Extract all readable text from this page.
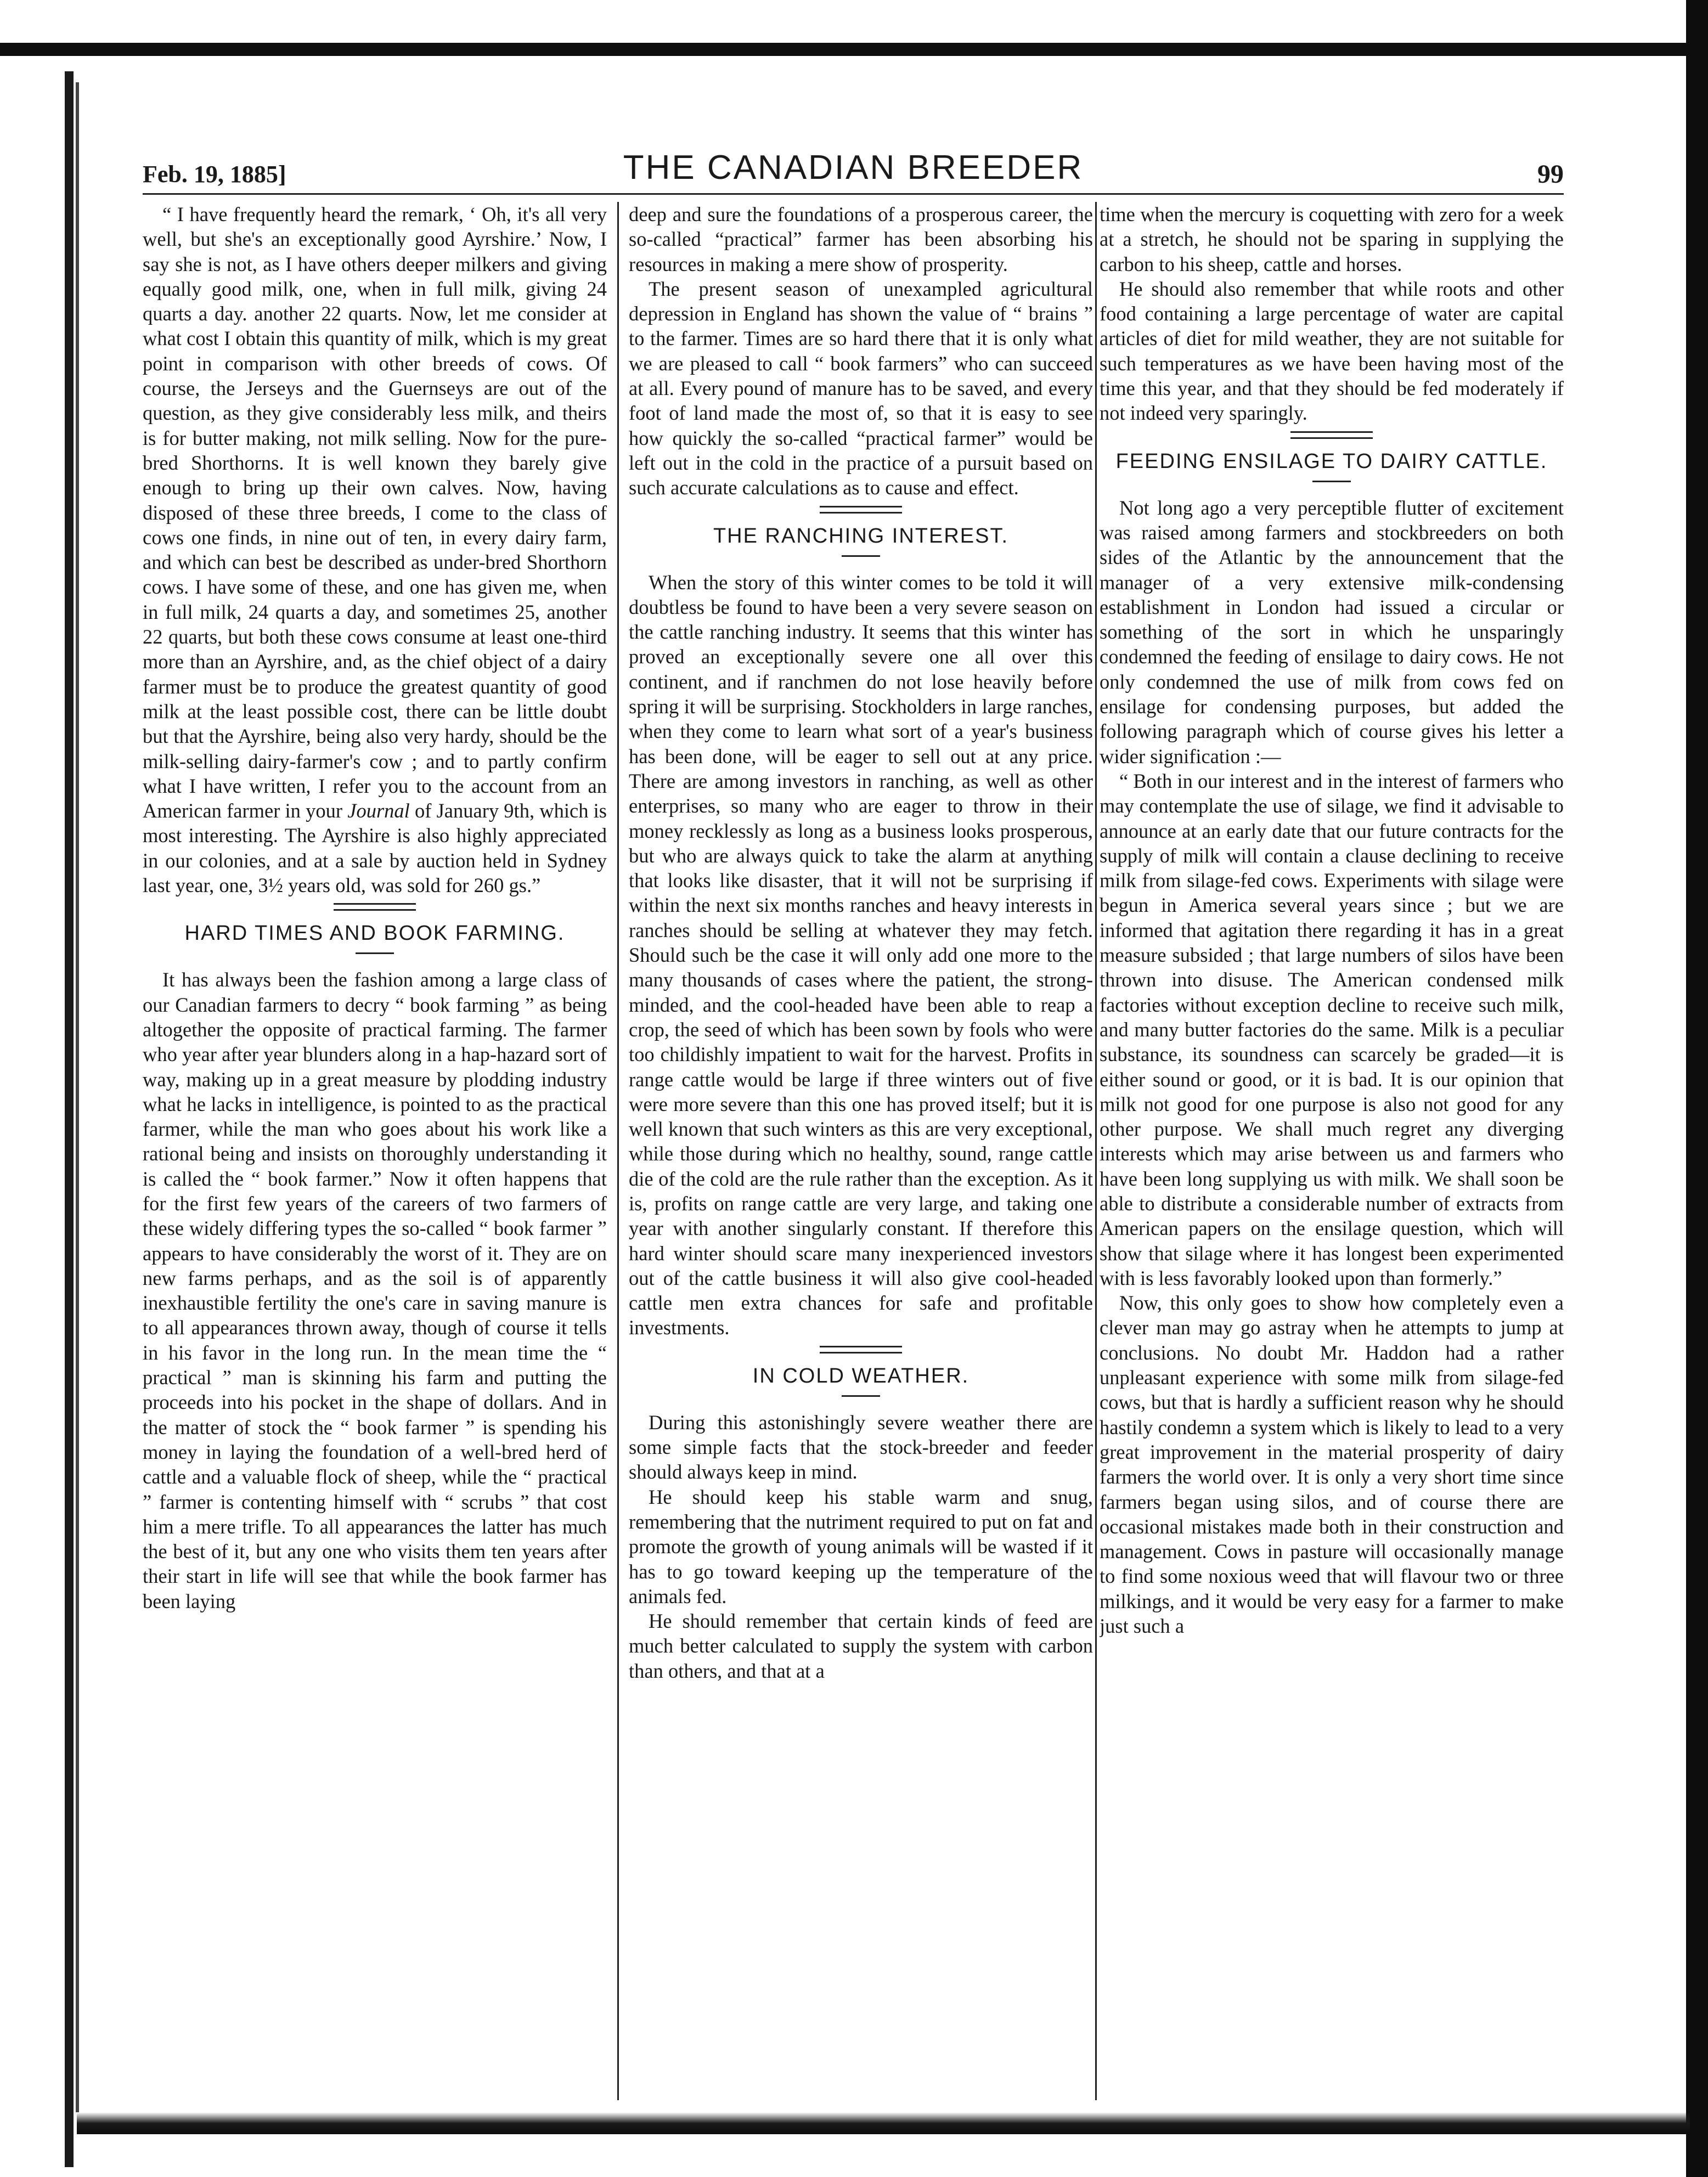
Feb. 19, 1885]	THE CANADIAN BREEDER	99

“ I have frequently heard the remark, ‘ Oh, it's all very well, but she's an exceptionally good Ayrshire.’ Now, I say she is not, as I have others deeper milkers and giving equally good milk, one, when in full milk, giving 24 quarts a day. another 22 quarts. Now, let me consider at what cost I obtain this quantity of milk, which is my great point in comparison with other breeds of cows. Of course, the Jerseys and the Guernseys are out of the question, as they give considerably less milk, and theirs is for butter making, not milk selling. Now for the pure-bred Shorthorns. It is well known they barely give enough to bring up their own calves. Now, having disposed of these three breeds, I come to the class of cows one finds, in nine out of ten, in every dairy farm, and which can best be described as under-bred Shorthorn cows. I have some of these, and one has given me, when in full milk, 24 quarts a day, and sometimes 25, another 22 quarts, but both these cows consume at least one-third more than an Ayrshire, and, as the chief object of a dairy farmer must be to produce the greatest quantity of good milk at the least possible cost, there can be little doubt but that the Ayrshire, being also very hardy, should be the milk-selling dairy-farmer's cow ; and to partly confirm what I have written, I refer you to the account from an American farmer in your Journal of January 9th, which is most interesting. The Ayrshire is also highly appreciated in our colonies, and at a sale by auction held in Sydney last year, one, 3½ years old, was sold for 260 gs.”

HARD TIMES AND BOOK FARMING.

It has always been the fashion among a large class of our Canadian farmers to decry “ book farming ” as being altogether the opposite of practical farming. The farmer who year after year blunders along in a hap-hazard sort of way, making up in a great measure by plodding industry what he lacks in intelligence, is pointed to as the practical farmer, while the man who goes about his work like a rational being and insists on thoroughly understanding it is called the “ book farmer.” Now it often happens that for the first few years of the careers of two farmers of these widely differing types the so-called “ book farmer ” appears to have considerably the worst of it. They are on new farms perhaps, and as the soil is of apparently inexhaustible fertility the one's care in saving manure is to all appearances thrown away, though of course it tells in his favor in the long run. In the mean time the “ practical ” man is skinning his farm and putting the proceeds into his pocket in the shape of dollars. And in the matter of stock the “ book farmer ” is spending his money in laying the foundation of a well-bred herd of cattle and a valuable flock of sheep, while the “ practical ” farmer is contenting himself with “ scrubs ” that cost him a mere trifle. To all appearances the latter has much the best of it, but any one who visits them ten years after their start in life will see that while the book farmer has been laying

deep and sure the foundations of a prosperous career, the so-called “practical” farmer has been absorbing his resources in making a mere show of prosperity.

The present season of unexampled agricultural depression in England has shown the value of “ brains ” to the farmer. Times are so hard there that it is only what we are pleased to call “ book farmers” who can succeed at all. Every pound of manure has to be saved, and every foot of land made the most of, so that it is easy to see how quickly the so-called “practical farmer” would be left out in the cold in the practice of a pursuit based on such accurate calculations as to cause and effect.

THE RANCHING INTEREST.

When the story of this winter comes to be told it will doubtless be found to have been a very severe season on the cattle ranching industry. It seems that this winter has proved an exceptionally severe one all over this continent, and if ranchmen do not lose heavily before spring it will be surprising. Stockholders in large ranches, when they come to learn what sort of a year's business has been done, will be eager to sell out at any price. There are among investors in ranching, as well as other enterprises, so many who are eager to throw in their money recklessly as long as a business looks prosperous, but who are always quick to take the alarm at anything that looks like disaster, that it will not be surprising if within the next six months ranches and heavy interests in ranches should be selling at whatever they may fetch. Should such be the case it will only add one more to the many thousands of cases where the patient, the strong-minded, and the cool-headed have been able to reap a crop, the seed of which has been sown by fools who were too childishly impatient to wait for the harvest. Profits in range cattle would be large if three winters out of five were more severe than this one has proved itself; but it is well known that such winters as this are very exceptional, while those during which no healthy, sound, range cattle die of the cold are the rule rather than the exception. As it is, profits on range cattle are very large, and taking one year with another singularly constant. If therefore this hard winter should scare many inexperienced investors out of the cattle business it will also give cool-headed cattle men extra chances for safe and profitable investments.

IN COLD WEATHER.

During this astonishingly severe weather there are some simple facts that the stock-breeder and feeder should always keep in mind.

He should keep his stable warm and snug, remembering that the nutriment required to put on fat and promote the growth of young animals will be wasted if it has to go toward keeping up the temperature of the animals fed.

He should remember that certain kinds of feed are much better calculated to supply the system with carbon than others, and that at a

time when the mercury is coquetting with zero for a week at a stretch, he should not be sparing in supplying the carbon to his sheep, cattle and horses.

He should also remember that while roots and other food containing a large percentage of water are capital articles of diet for mild weather, they are not suitable for such temperatures as we have been having most of the time this year, and that they should be fed moderately if not indeed very sparingly.

FEEDING ENSILAGE TO DAIRY CATTLE.

Not long ago a very perceptible flutter of excitement was raised among farmers and stockbreeders on both sides of the Atlantic by the announcement that the manager of a very extensive milk-condensing establishment in London had issued a circular or something of the sort in which he unsparingly condemned the feeding of ensilage to dairy cows. He not only condemned the use of milk from cows fed on ensilage for condensing purposes, but added the following paragraph which of course gives his letter a wider signification :—

“ Both in our interest and in the interest of farmers who may contemplate the use of silage, we find it advisable to announce at an early date that our future contracts for the supply of milk will contain a clause declining to receive milk from silage-fed cows. Experiments with silage were begun in America several years since ; but we are informed that agitation there regarding it has in a great measure subsided ; that large numbers of silos have been thrown into disuse. The American condensed milk factories without exception decline to receive such milk, and many butter factories do the same. Milk is a peculiar substance, its soundness can scarcely be graded—it is either sound or good, or it is bad. It is our opinion that milk not good for one purpose is also not good for any other purpose. We shall much regret any diverging interests which may arise between us and farmers who have been long supplying us with milk. We shall soon be able to distribute a considerable number of extracts from American papers on the ensilage question, which will show that silage where it has longest been experimented with is less favorably looked upon than formerly.”

Now, this only goes to show how completely even a clever man may go astray when he attempts to jump at conclusions. No doubt Mr. Haddon had a rather unpleasant experience with some milk from silage-fed cows, but that is hardly a sufficient reason why he should hastily condemn a system which is likely to lead to a very great improvement in the material prosperity of dairy farmers the world over. It is only a very short time since farmers began using silos, and of course there are occasional mistakes made both in their construction and management. Cows in pasture will occasionally manage to find some noxious weed that will flavour two or three milkings, and it would be very easy for a farmer to make just such a
